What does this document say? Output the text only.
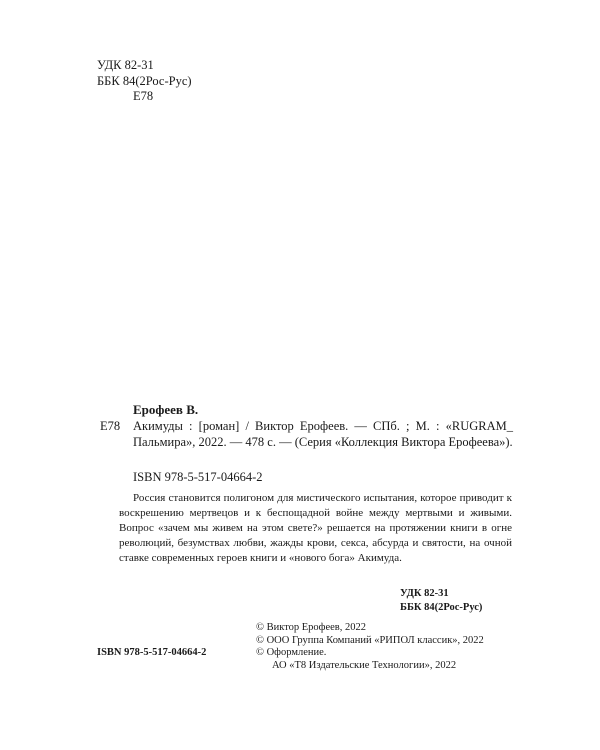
УДК 82-31
ББК 84(2Рос-Рус)
Е78
Ерофеев В.
Е78 Акимуды : [роман] / Виктор Ерофеев. — СПб. ; М. : «RUGRAM_ Пальмира», 2022. — 478 с. — (Серия «Коллекция Виктора Ерофеева»).
ISBN 978-5-517-04664-2

Россия становится полигоном для мистического испытания, которое приводит к воскрешению мертвецов и к беспощадной войне между мертвыми и живыми. Вопрос «зачем мы живем на этом свете?» решается на протяжении книги в огне революций, безумствах любви, жажды крови, секса, абсурда и святости, на очной ставке современных героев книги и «нового бога» Акимуда.

УДК 82-31
ББК 84(2Рос-Рус)
© Виктор Ерофеев, 2022
© ООО Группа Компаний «РИПОЛ классик», 2022
© Оформление.
АО «Т8 Издательские Технологии», 2022
ISBN 978-5-517-04664-2
